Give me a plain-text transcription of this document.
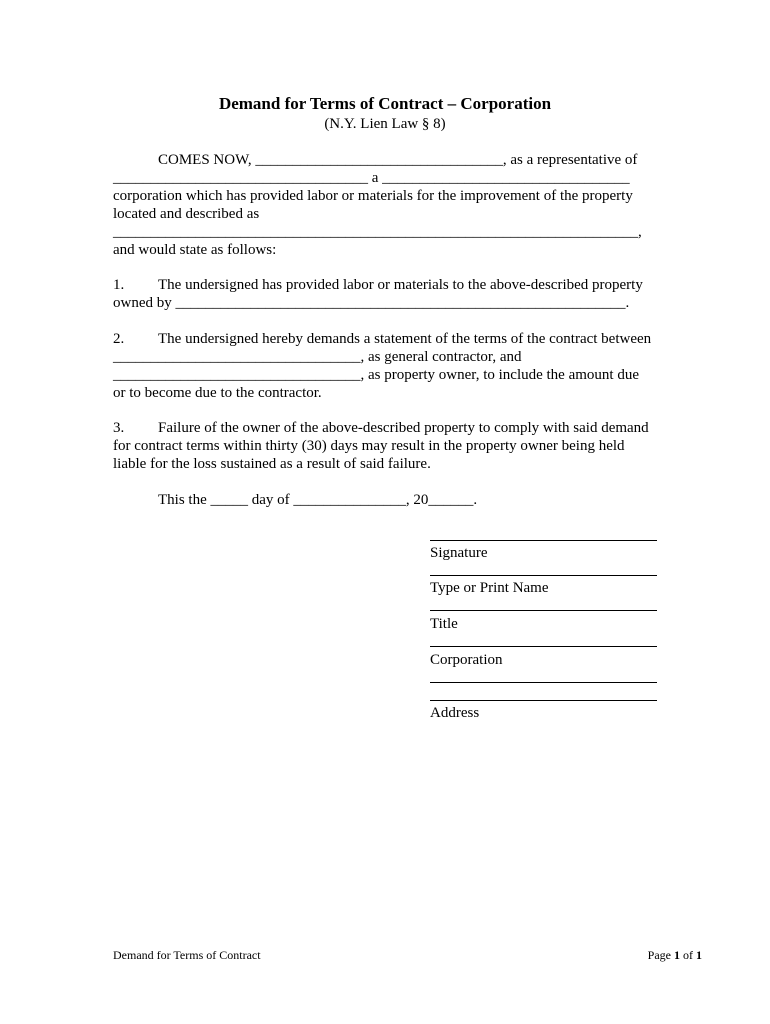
Demand for Terms of Contract – Corporation
(N.Y. Lien Law § 8)
COMES NOW, _________________________________, as a representative of
__________________________________ a _________________________________
corporation which has provided labor or materials for the improvement of the property
located and described as
______________________________________________________________________,
and would state as follows:
1. The undersigned has provided labor or materials to the above-described property
owned by ____________________________________________________________.
2. The undersigned hereby demands a statement of the terms of the contract between
_________________________________, as general contractor, and
_________________________________, as property owner, to include the amount due
or to become due to the contractor.
3. Failure of the owner of the above-described property to comply with said demand
for contract terms within thirty (30) days may result in the property owner being held
liable for the loss sustained as a result of said failure.
This the _____ day of _______________, 20______.
Signature
Type or Print Name
Title
Corporation
Address
Demand for Terms of Contract	Page 1 of 1
